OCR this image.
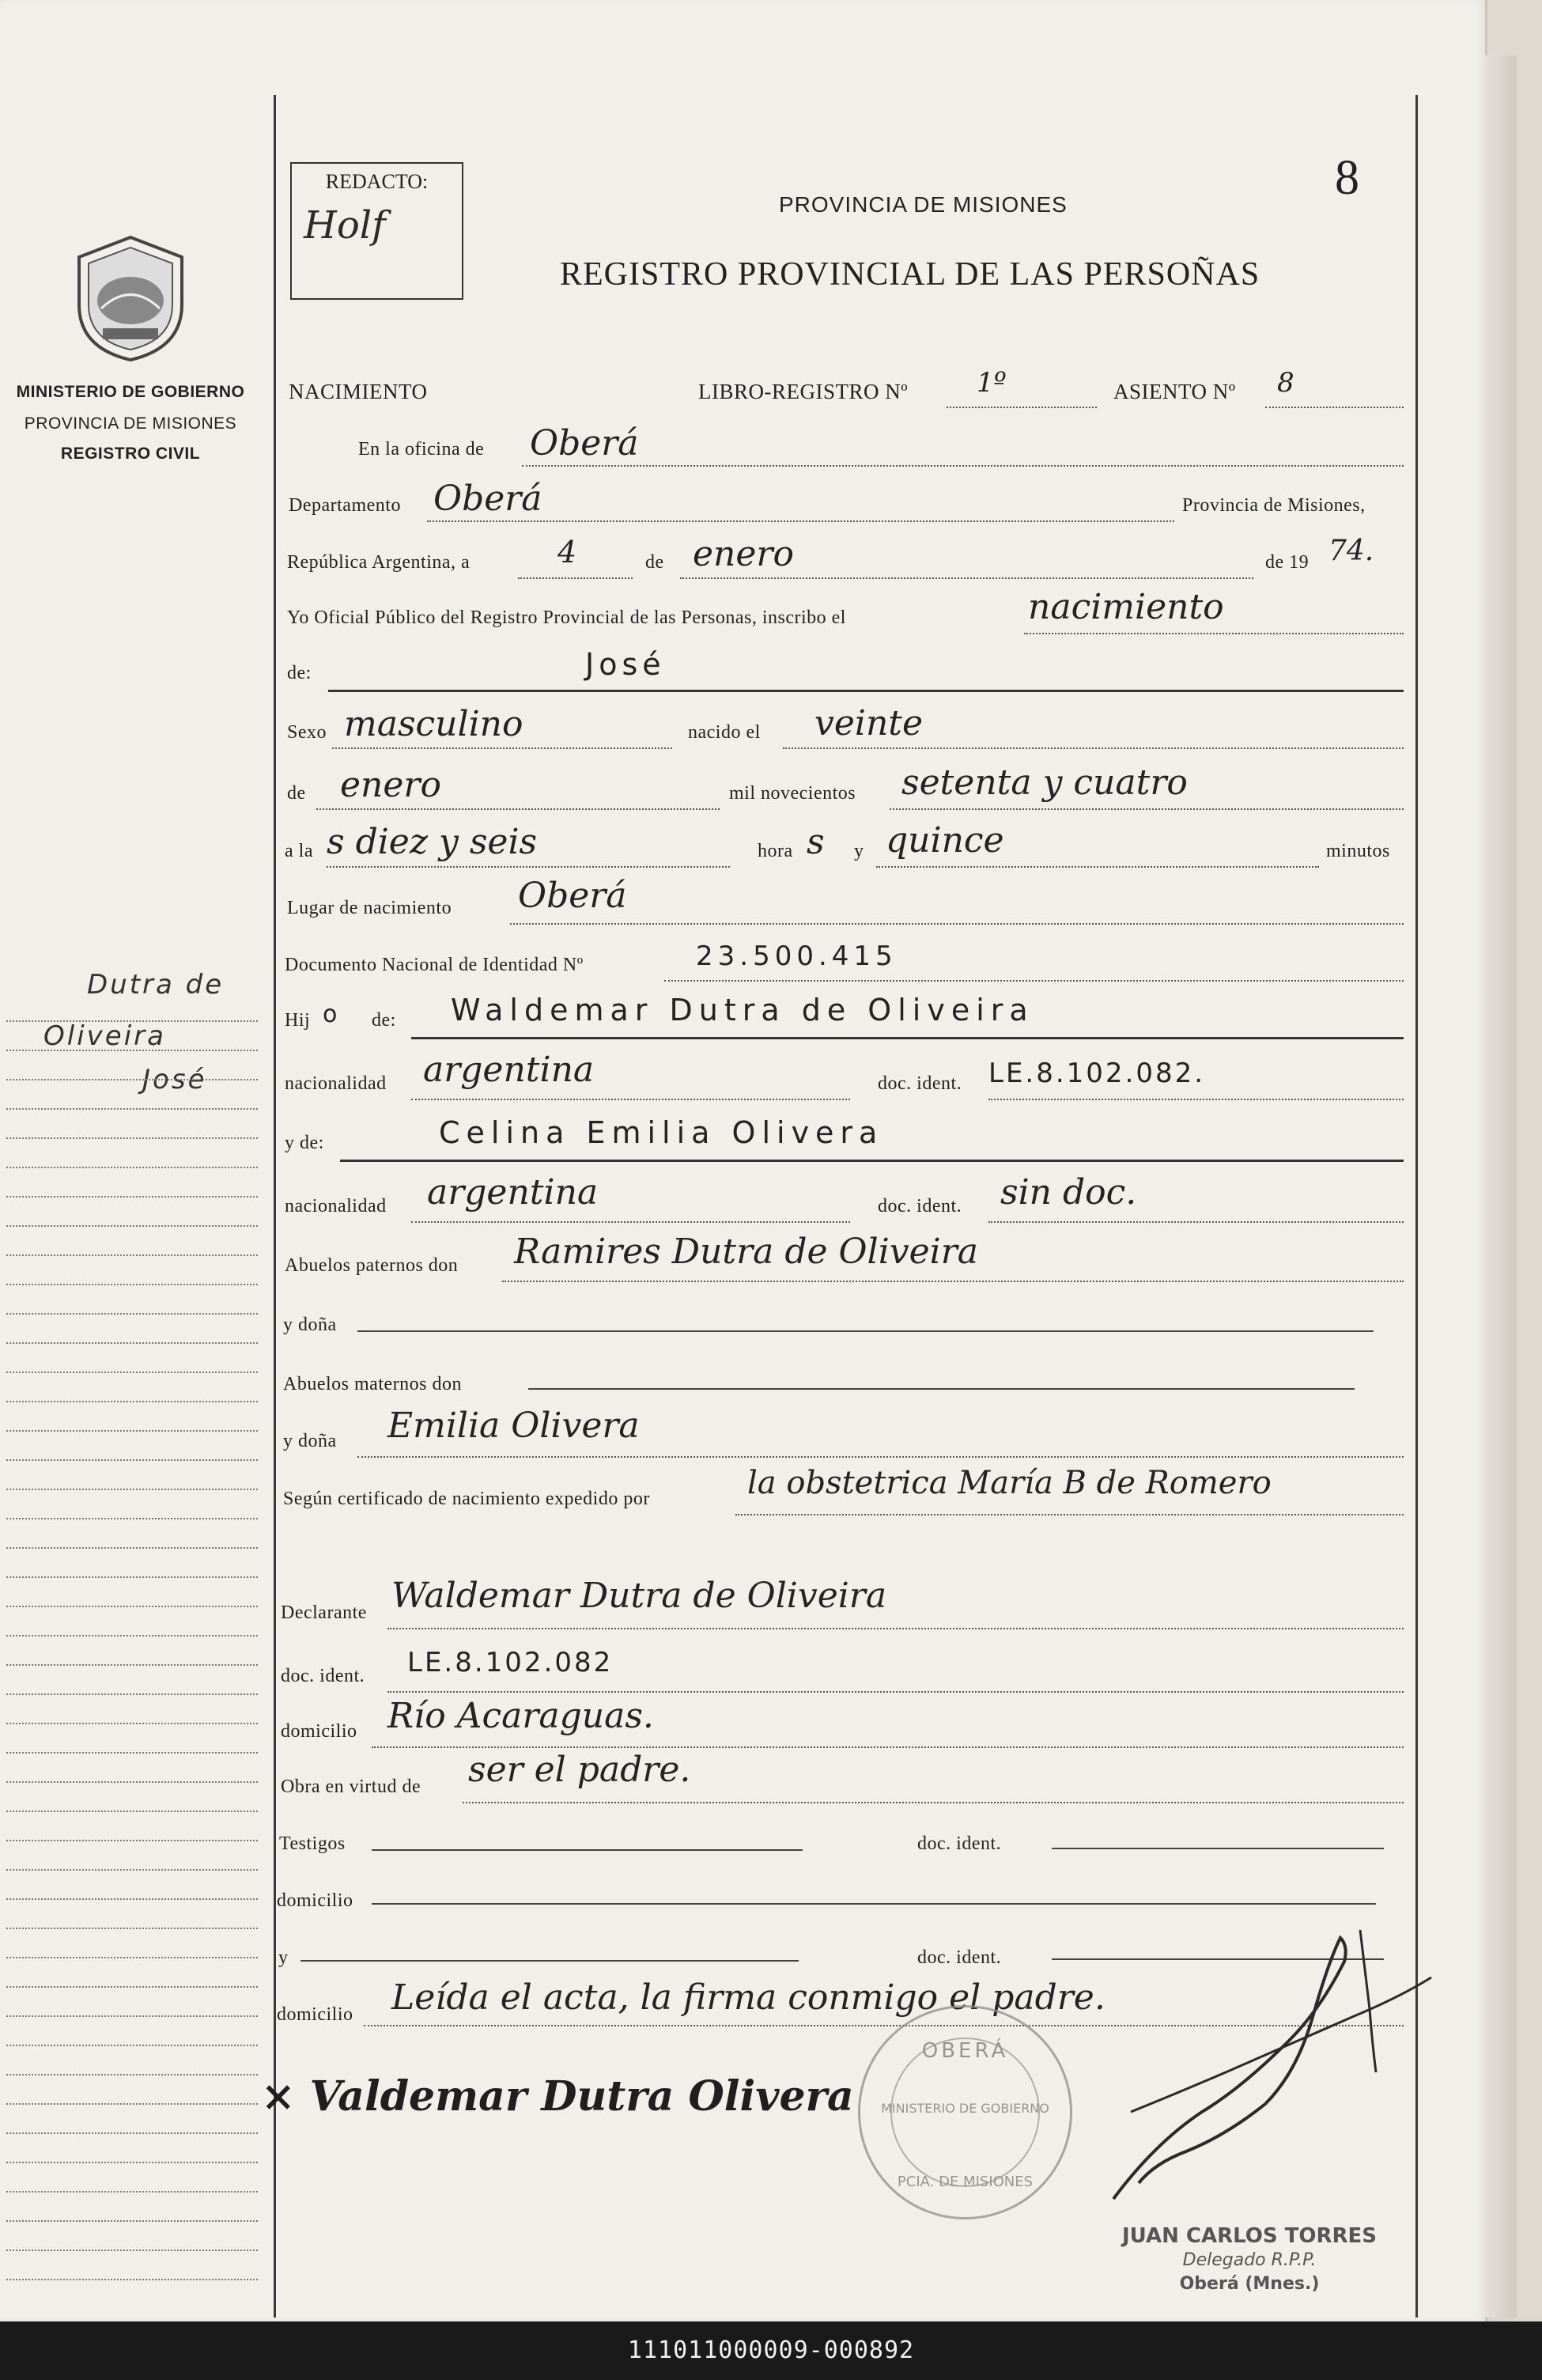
MINISTERIO DE GOBIERNO
PROVINCIA DE MISIONES
REGISTRO CIVIL
Dutra de
Oliveira
José
REDACTO:
Holf
8
PROVINCIA DE MISIONES
REGISTRO PROVINCIAL DE LAS PERSOÑAS
NACIMIENTO	LIBRO-REGISTRO Nº	1º	ASIENTO Nº 8
En la oficina de Oberá
Departamento Oberá	Provincia de Misiones,
República Argentina, a	4	de enero	de 19 74.
Yo Oficial Público del Registro Provincial de las Personas, inscribo el	nacimiento
de:	José
Sexo masculino	nacido el veinte
de enero	mil novecientos setenta y cuatro
a la s diez y seis	hora s y quince	minutos
Lugar de nacimiento Oberá
Documento Nacional de Identidad Nº	23.500.415
Hij o de: Waldemar Dutra de Oliveira
nacionalidad argentina	doc. ident. LE.8.102.082.
y de:	Celina Emilia Olivera
nacionalidad argentina	doc. ident. sin doc.
Abuelos paternos don Ramires Dutra de Oliveira
y doña
Abuelos maternos don
y doña Emilia Olivera
Según certificado de nacimiento expedido por	la obstetrica María B de Romero
Declarante Waldemar Dutra de Oliveira
doc. ident. LE.8.102.082
domicilio Río Acaraguas.
Obra en virtud de ser el padre.
Testigos	doc. ident.
domicilio
y	doc. ident.
domicilio Leída el acta, la firma conmigo el padre.
× Valdemar Dutra Olivera
OBERÁ
MINISTERIO DE GOBIERNO
PCIA. DE MISIONES
JUAN CARLOS TORRES
Delegado R.P.P.
Oberá (Mnes.)
111011000009-000892
